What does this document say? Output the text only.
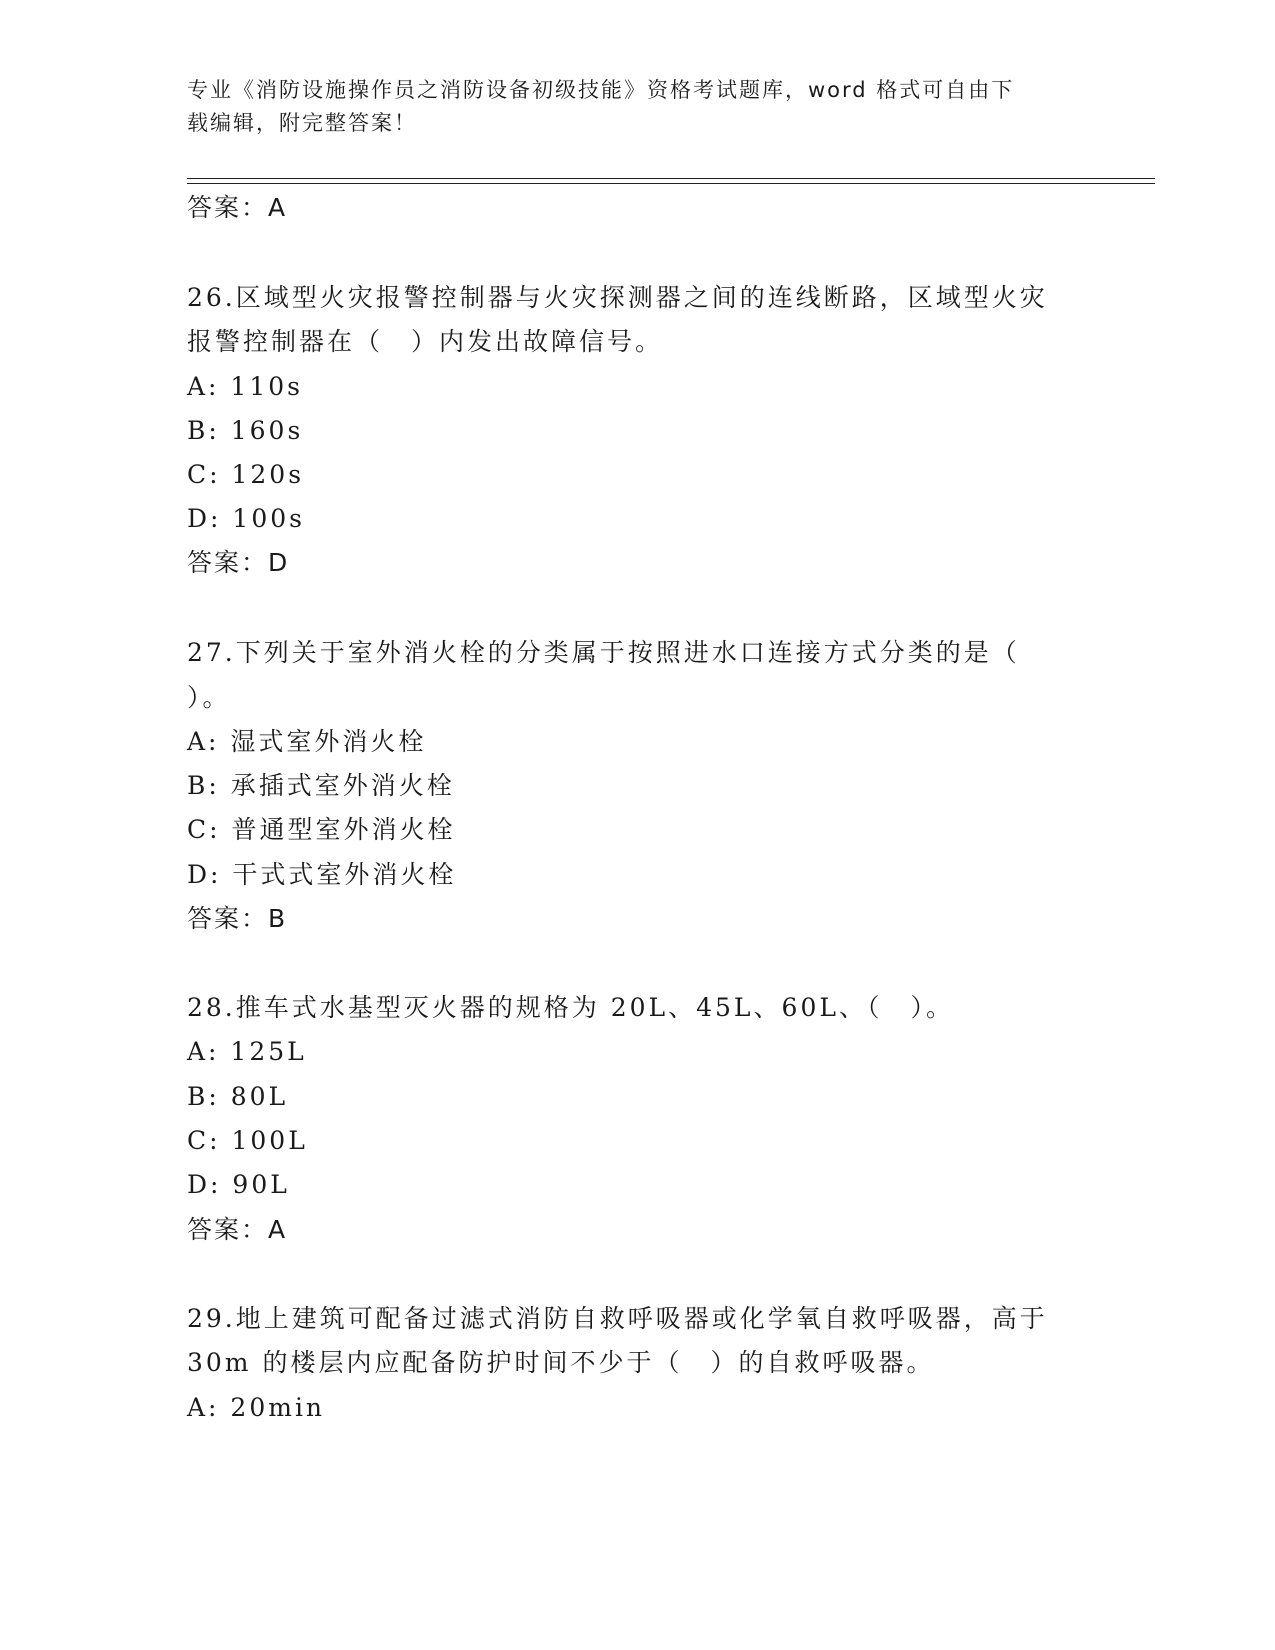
专业《消防设施操作员之消防设备初级技能》资格考试题库，word 格式可自由下
载编辑，附完整答案！
答案：A
26.区域型火灾报警控制器与火灾探测器之间的连线断路，区域型火灾
报警控制器在（　）内发出故障信号。
A: 110s
B: 160s
C: 120s
D: 100s
答案：D
27.下列关于室外消火栓的分类属于按照进水口连接方式分类的是（
）。
A: 湿式室外消火栓
B: 承插式室外消火栓
C: 普通型室外消火栓
D: 干式式室外消火栓
答案：B
28.推车式水基型灭火器的规格为 20L、45L、60L、（　）。
A: 125L
B: 80L
C: 100L
D: 90L
答案：A
29.地上建筑可配备过滤式消防自救呼吸器或化学氧自救呼吸器，高于
30m 的楼层内应配备防护时间不少于（　）的自救呼吸器。
A: 20min
